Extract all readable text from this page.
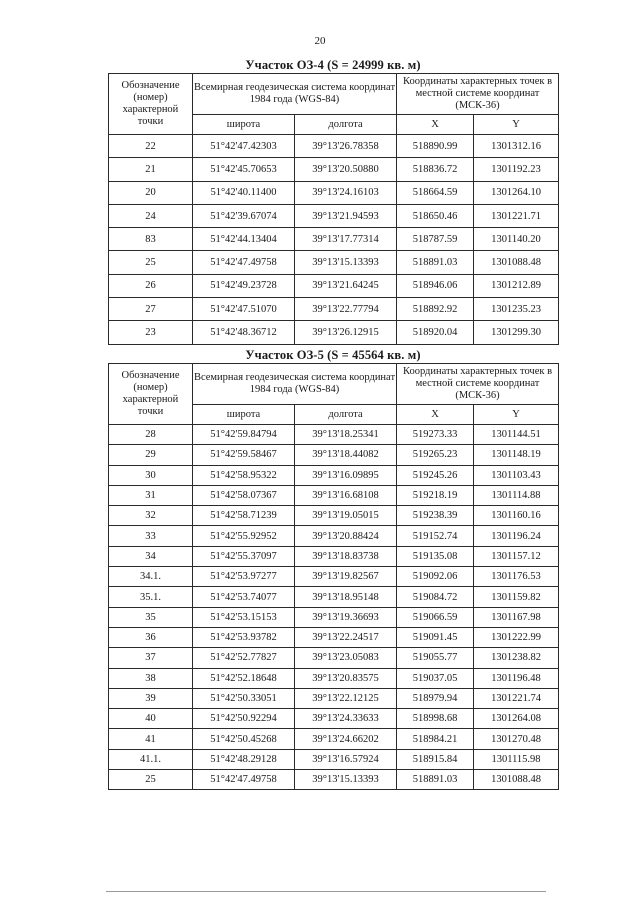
20
Участок ОЗ-4 (S = 24999 кв. м)
Обозначение (номер) характерной точки	Всемирная геодезическая система координат 1984 года (WGS-84)		Координаты характерных точек в местной системе координат (МСК-36)	
	широта	долгота	X	Y
22	51°42'47.42303	39°13'26.78358	518890.99	1301312.16
21	51°42'45.70653	39°13'20.50880	518836.72	1301192.23
20	51°42'40.11400	39°13'24.16103	518664.59	1301264.10
24	51°42'39.67074	39°13'21.94593	518650.46	1301221.71
83	51°42'44.13404	39°13'17.77314	518787.59	1301140.20
25	51°42'47.49758	39°13'15.13393	518891.03	1301088.48
26	51°42'49.23728	39°13'21.64245	518946.06	1301212.89
27	51°42'47.51070	39°13'22.77794	518892.92	1301235.23
23	51°42'48.36712	39°13'26.12915	518920.04	1301299.30
Участок ОЗ-5 (S = 45564 кв. м)
Обозначение (номер) характерной точки	Всемирная геодезическая система координат 1984 года (WGS-84)		Координаты характерных точек в местной системе координат (МСК-36)	
	широта	долгота	X	Y
28	51°42'59.84794	39°13'18.25341	519273.33	1301144.51
29	51°42'59.58467	39°13'18.44082	519265.23	1301148.19
30	51°42'58.95322	39°13'16.09895	519245.26	1301103.43
31	51°42'58.07367	39°13'16.68108	519218.19	1301114.88
32	51°42'58.71239	39°13'19.05015	519238.39	1301160.16
33	51°42'55.92952	39°13'20.88424	519152.74	1301196.24
34	51°42'55.37097	39°13'18.83738	519135.08	1301157.12
34.1.	51°42'53.97277	39°13'19.82567	519092.06	1301176.53
35.1.	51°42'53.74077	39°13'18.95148	519084.72	1301159.82
35	51°42'53.15153	39°13'19.36693	519066.59	1301167.98
36	51°42'53.93782	39°13'22.24517	519091.45	1301222.99
37	51°42'52.77827	39°13'23.05083	519055.77	1301238.82
38	51°42'52.18648	39°13'20.83575	519037.05	1301196.48
39	51°42'50.33051	39°13'22.12125	518979.94	1301221.74
40	51°42'50.92294	39°13'24.33633	518998.68	1301264.08
41	51°42'50.45268	39°13'24.66202	518984.21	1301270.48
41.1.	51°42'48.29128	39°13'16.57924	518915.84	1301115.98
25	51°42'47.49758	39°13'15.13393	518891.03	1301088.48
